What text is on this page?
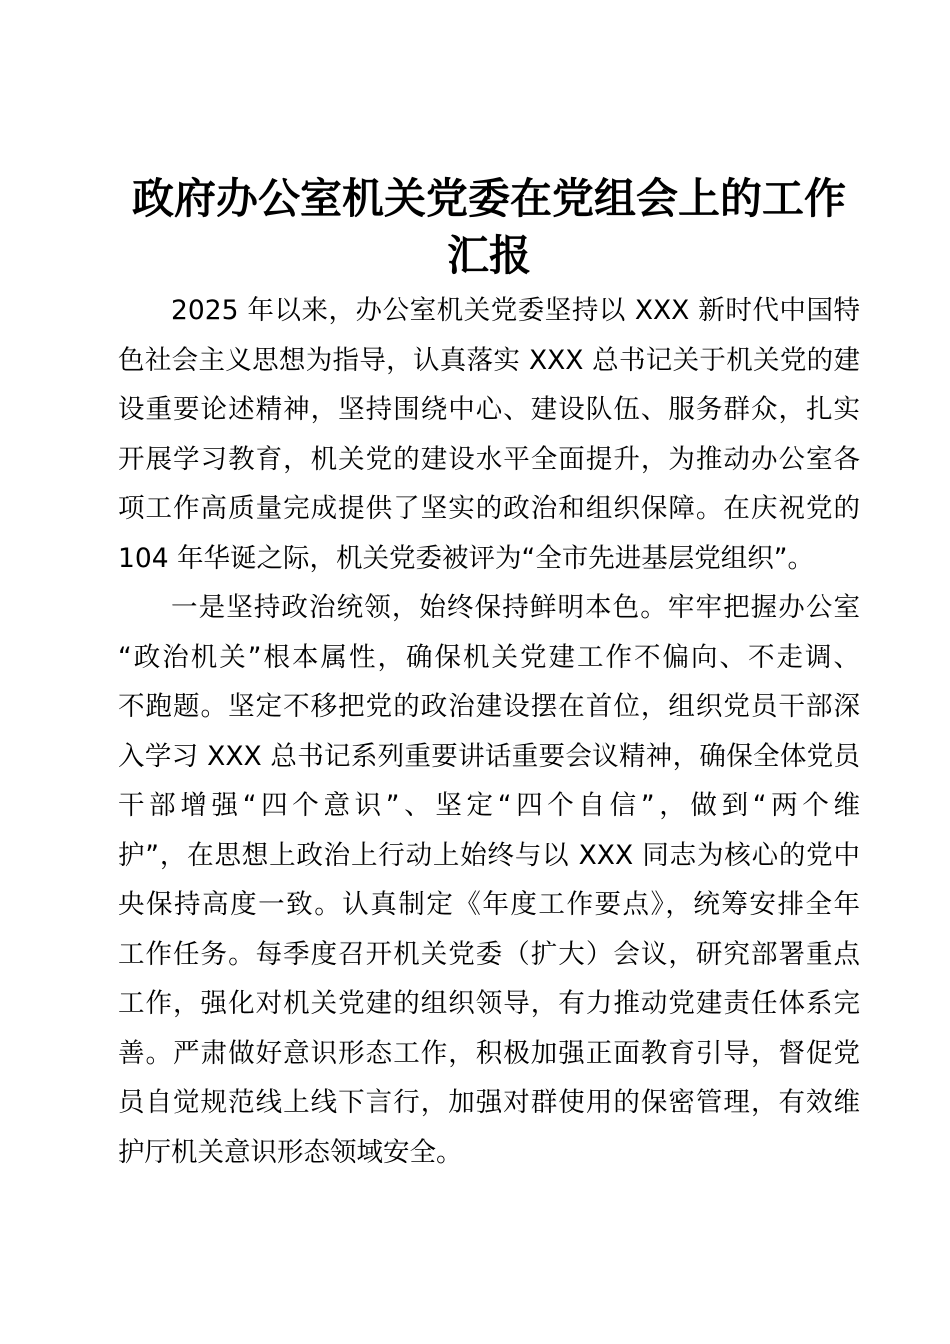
政府办公室机关党委在党组会上的工作
汇报
2025 年以来，办公室机关党委坚持以 XXX 新时代中国特
色社会主义思想为指导，认真落实 XXX 总书记关于机关党的建
设重要论述精神，坚持围绕中心、建设队伍、服务群众，扎实
开展学习教育，机关党的建设水平全面提升，为推动办公室各
项工作高质量完成提供了坚实的政治和组织保障。在庆祝党的
104 年华诞之际，机关党委被评为“全市先进基层党组织”。
一是坚持政治统领，始终保持鲜明本色。牢牢把握办公室
“政治机关”根本属性，确保机关党建工作不偏向、不走调、
不跑题。坚定不移把党的政治建设摆在首位，组织党员干部深
入学习 XXX 总书记系列重要讲话重要会议精神，确保全体党员
干部增强“四个意识”、坚定“四个自信”，做到“两个维
护”，在思想上政治上行动上始终与以 XXX 同志为核心的党中
央保持高度一致。认真制定《年度工作要点》，统筹安排全年
工作任务。每季度召开机关党委（扩大）会议，研究部署重点
工作，强化对机关党建的组织领导，有力推动党建责任体系完
善。严肃做好意识形态工作，积极加强正面教育引导，督促党
员自觉规范线上线下言行，加强对群使用的保密管理，有效维
护厅机关意识形态领域安全。
